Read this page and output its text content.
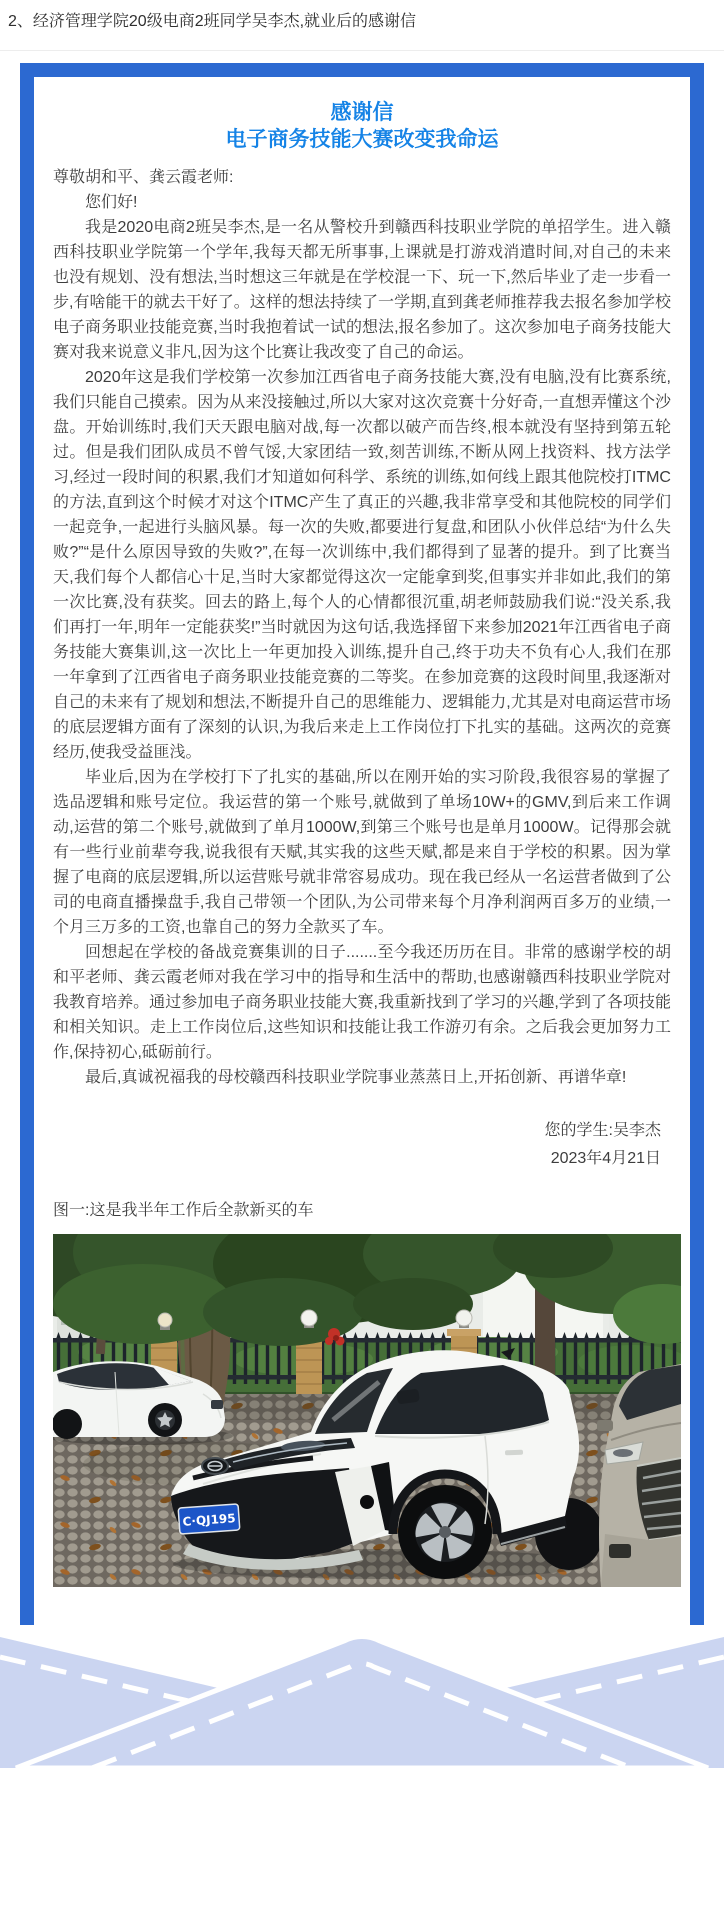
2、经济管理学院20级电商2班同学吴李杰,就业后的感谢信
感谢信
电子商务技能大赛改变我命运

尊敬胡和平、龚云霞老师:

您们好!

我是2020电商2班吴李杰,是一名从警校升到赣西科技职业学院的单招学生。进入赣西科技职业学院第一个学年,我每天都无所事事,上课就是打游戏消遣时间,对自己的未来也没有规划、没有想法,当时想这三年就是在学校混一下、玩一下,然后毕业了走一步看一步,有啥能干的就去干好了。这样的想法持续了一学期,直到龚老师推荐我去报名参加学校电子商务职业技能竞赛,当时我抱着试一试的想法,报名参加了。这次参加电子商务技能大赛对我来说意义非凡,因为这个比赛让我改变了自己的命运。

2020年这是我们学校第一次参加江西省电子商务技能大赛,没有电脑,没有比赛系统,我们只能自己摸索。因为从来没接触过,所以大家对这次竞赛十分好奇,一直想弄懂这个沙盘。开始训练时,我们天天跟电脑对战,每一次都以破产而告终,根本就没有坚持到第五轮过。但是我们团队成员不曾气馁,大家团结一致,刻苦训练,不断从网上找资料、找方法学习,经过一段时间的积累,我们才知道如何科学、系统的训练,如何线上跟其他院校打ITMC的方法,直到这个时候才对这个ITMC产生了真正的兴趣,我非常享受和其他院校的同学们一起竞争,一起进行头脑风暴。每一次的失败,都要进行复盘,和团队小伙伴总结“为什么失败?”“是什么原因导致的失败?”,在每一次训练中,我们都得到了显著的提升。到了比赛当天,我们每个人都信心十足,当时大家都觉得这次一定能拿到奖,但事实并非如此,我们的第一次比赛,没有获奖。回去的路上,每个人的心情都很沉重,胡老师鼓励我们说:“没关系,我们再打一年,明年一定能获奖!”当时就因为这句话,我选择留下来参加2021年江西省电子商务技能大赛集训,这一次比上一年更加投入训练,提升自己,终于功夫不负有心人,我们在那一年拿到了江西省电子商务职业技能竞赛的二等奖。在参加竞赛的这段时间里,我逐渐对自己的未来有了规划和想法,不断提升自己的思维能力、逻辑能力,尤其是对电商运营市场的底层逻辑方面有了深刻的认识,为我后来走上工作岗位打下扎实的基础。这两次的竞赛经历,使我受益匪浅。

毕业后,因为在学校打下了扎实的基础,所以在刚开始的实习阶段,我很容易的掌握了选品逻辑和账号定位。我运营的第一个账号,就做到了单场10W+的GMV,到后来工作调动,运营的第二个账号,就做到了单月1000W,到第三个账号也是单月1000W。记得那会就有一些行业前辈夸我,说我很有天赋,其实我的这些天赋,都是来自于学校的积累。因为掌握了电商的底层逻辑,所以运营账号就非常容易成功。现在我已经从一名运营者做到了公司的电商直播操盘手,我自己带领一个团队,为公司带来每个月净利润两百多万的业绩,一个月三万多的工资,也靠自己的努力全款买了车。

回想起在学校的备战竞赛集训的日子.......至今我还历历在目。非常的感谢学校的胡和平老师、龚云霞老师对我在学习中的指导和生活中的帮助,也感谢赣西科技职业学院对我教育培养。通过参加电子商务职业技能大赛,我重新找到了学习的兴趣,学到了各项技能和相关知识。走上工作岗位后,这些知识和技能让我工作游刃有余。之后我会更加努力工作,保持初心,砥砺前行。

最后,真诚祝福我的母校赣西科技职业学院事业蒸蒸日上,开拓创新、再谱华章!

您的学生:吴李杰
2023年4月21日
图一:这是我半年工作后全款新买的车
C·QJ195
